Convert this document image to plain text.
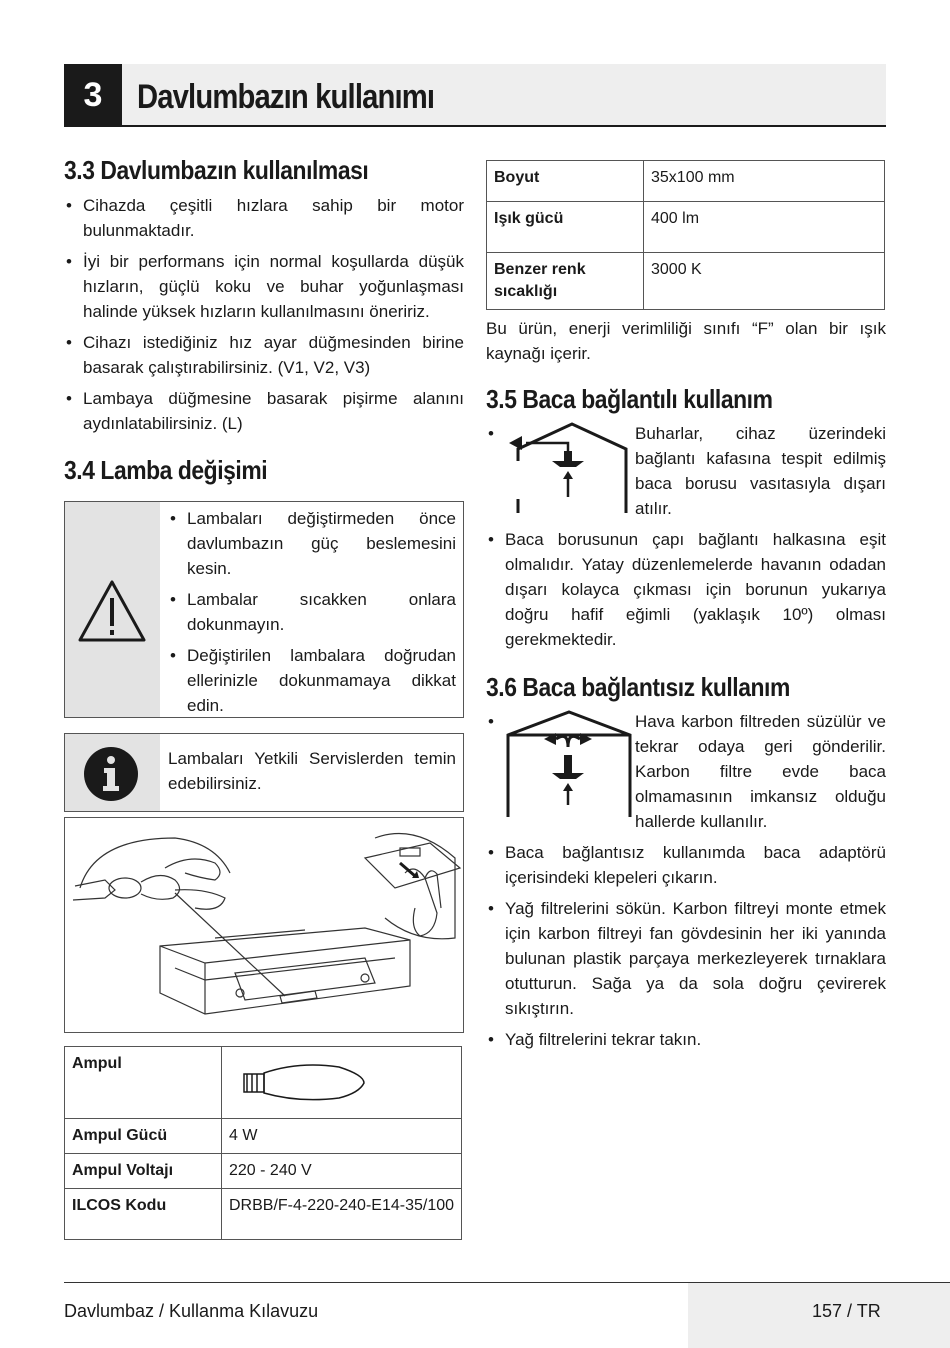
3	Davlumbazın kullanımı
3.3 Davlumbazın kullanılması
• Cihazda çeşitli hızlara sahip bir motor bulunmaktadır.
• İyi bir performans için normal koşullarda düşük hızların, güçlü koku ve buhar yoğunlaşması halinde yüksek hızların kullanılmasını öneririz.
• Cihazı istediğiniz hız ayar düğmesinden birine basarak çalıştırabilirsiniz. (V1, V2, V3)
• Lambaya düğmesine basarak pişirme alanını aydınlatabilirsiniz. (L)
3.4 Lamba değişimi
• Lambaları değiştirmeden önce davlumbazın güç beslemesini kesin.
• Lambalar sıcakken onlara dokunmayın.
• Değiştirilen lambalara doğrudan ellerinizle dokunmamaya dikkat edin.
Lambaları Yetkili Servislerden temin edebilirsiniz.
Ampul	
Ampul Gücü	4 W
Ampul Voltajı	220 - 240 V
ILCOS Kodu	DRBB/F-4-220-240-E14-35/100
Boyut	35x100 mm
Işık gücü	400 lm
Benzer renk sıcaklığı	3000 K
Bu ürün, enerji verimliliği sınıfı “F” olan bir ışık kaynağı içerir.
3.5 Baca bağlantılı kullanım
•	Buharlar, cihaz üzerindeki bağlantı kafasına tespit edilmiş baca borusu vasıtasıyla dışarı atılır.
• Baca borusunun çapı bağlantı halkasına eşit olmalıdır. Yatay düzenlemelerde havanın odadan dışarı kolayca çıkması için borunun yukarıya doğru hafif eğimli (yaklaşık 10º) olması gerekmektedir.
3.6 Baca bağlantısız kullanım
•	Hava karbon filtreden süzülür ve tekrar odaya geri gönderilir. Karbon filtre evde baca olmamasının imkansız olduğu hallerde kullanılır.
• Baca bağlantısız kullanımda baca adaptörü içerisindeki klepeleri çıkarın.
• Yağ filtrelerini sökün. Karbon filtreyi monte etmek için karbon filtreyi fan gövdesinin her iki yanında bulunan plastik parçaya merkezleyerek tırnaklara otutturun. Sağa ya da sola doğru çevirerek sıkıştırın.
• Yağ filtrelerini tekrar takın.
Davlumbaz / Kullanma Kılavuzu	157 / TR
